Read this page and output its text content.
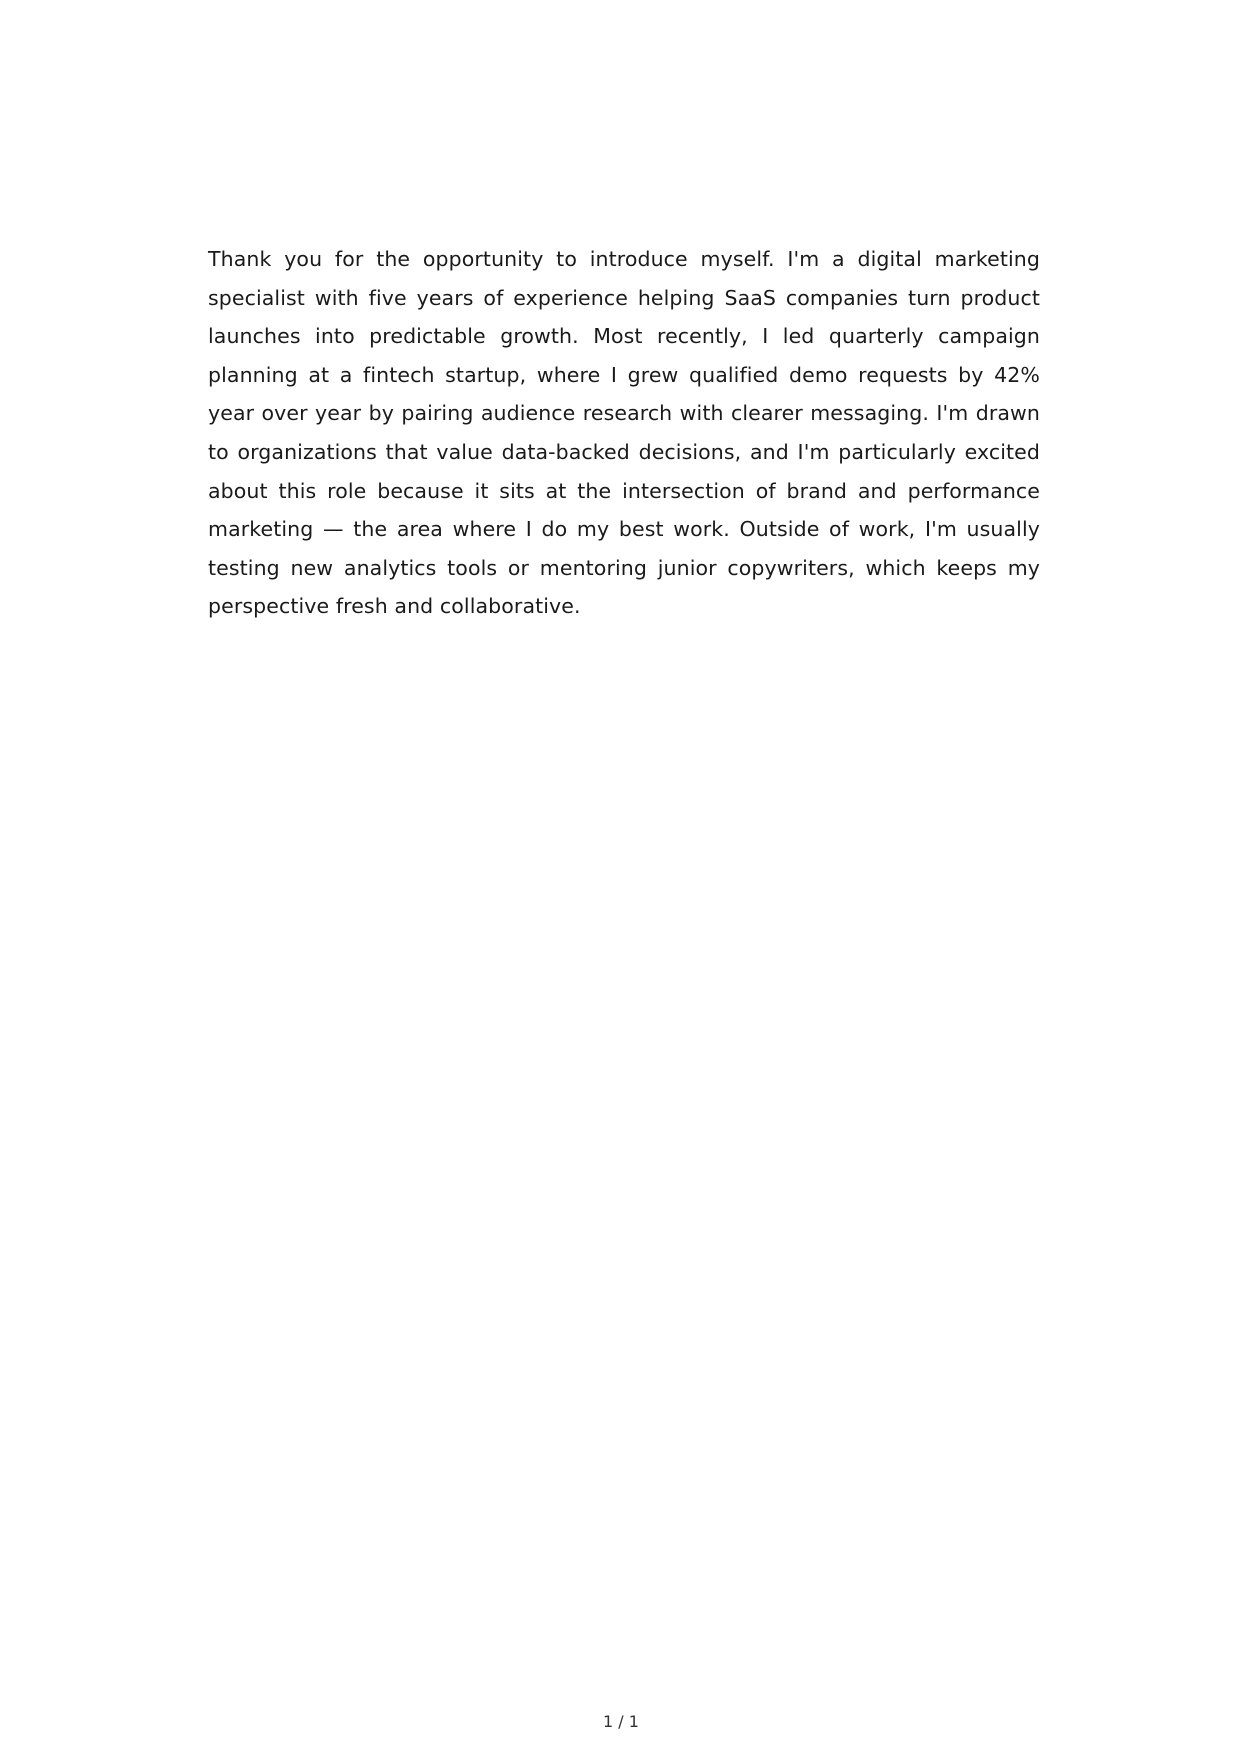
Thank you for the opportunity to introduce myself. I'm a digital marketing specialist with five years of experience helping SaaS companies turn product launches into predictable growth. Most recently, I led quarterly campaign planning at a fintech startup, where I grew qualified demo requests by 42% year over year by pairing audience research with clearer messaging. I'm drawn to organizations that value data-backed decisions, and I'm particularly excited about this role because it sits at the intersection of brand and performance marketing — the area where I do my best work. Outside of work, I'm usually testing new analytics tools or mentoring junior copywriters, which keeps my perspective fresh and collaborative.

1 / 1
